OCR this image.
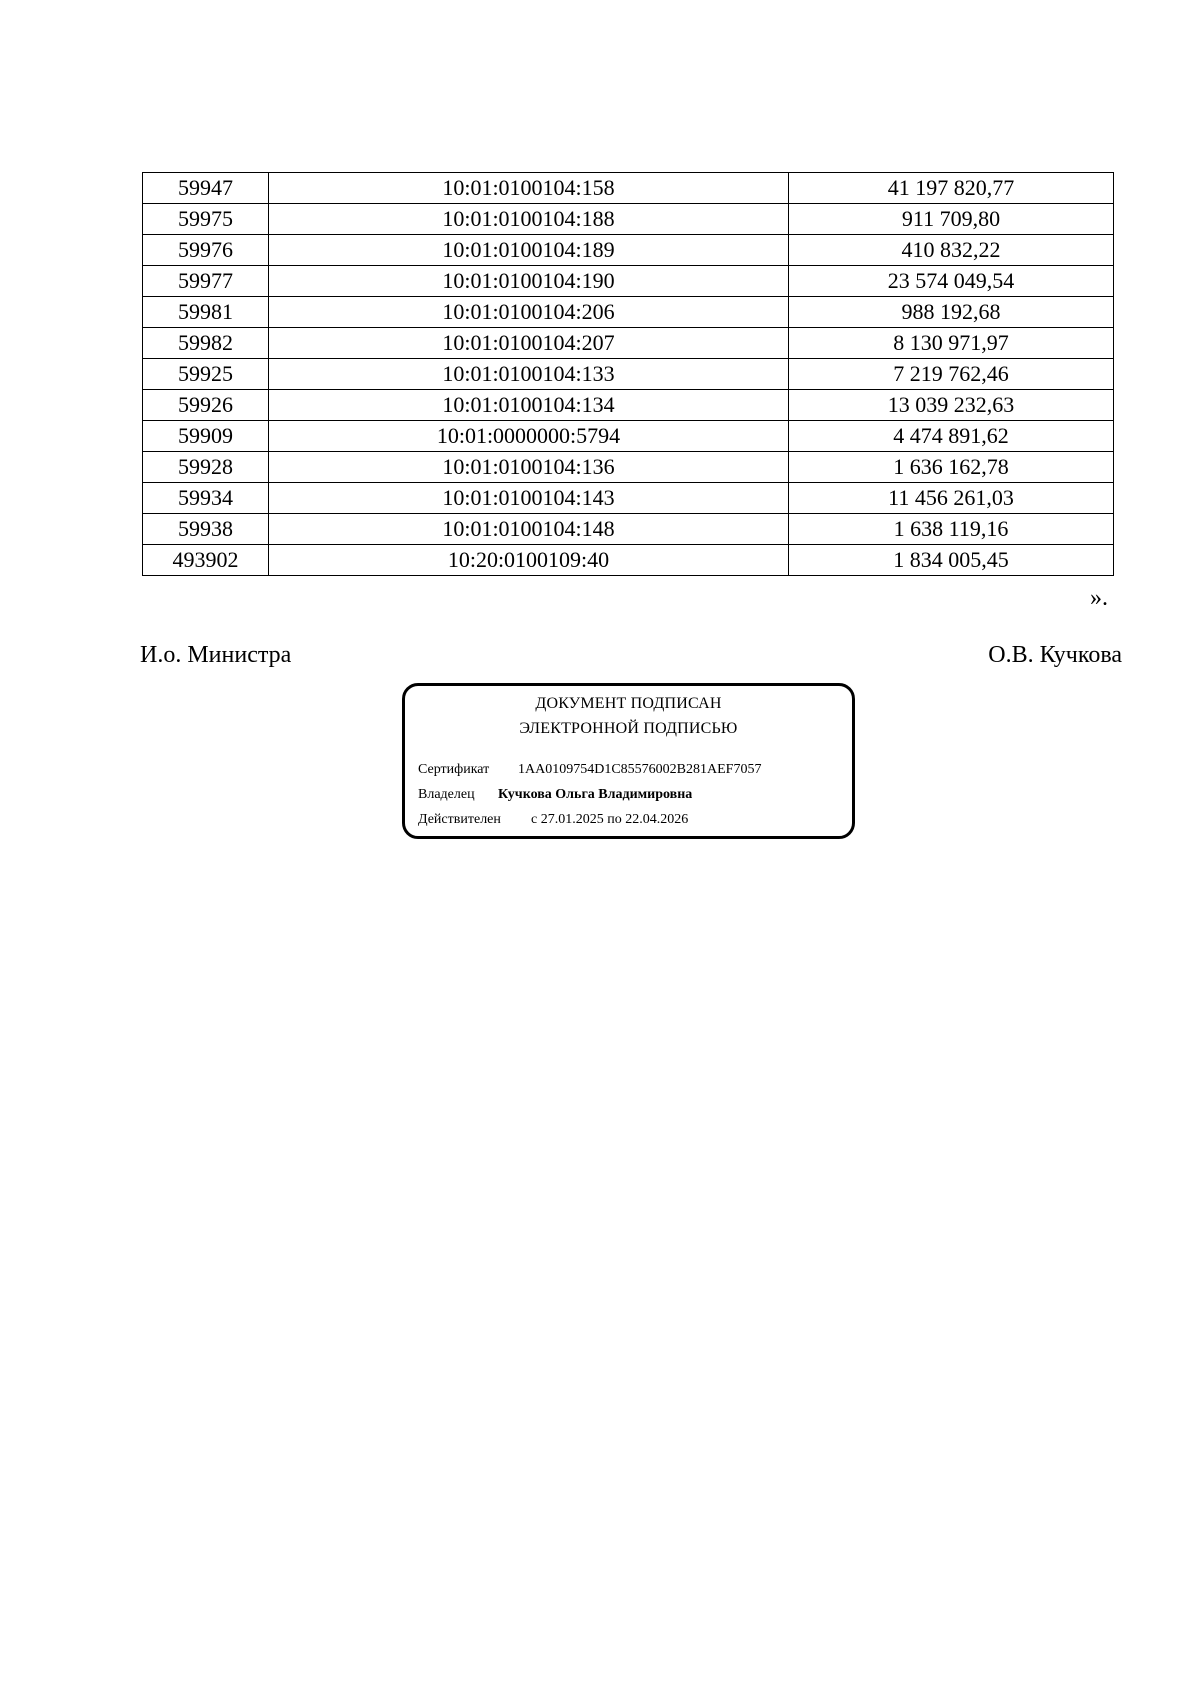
59947	10:01:0100104:158	41 197 820,77
59975	10:01:0100104:188	911 709,80
59976	10:01:0100104:189	410 832,22
59977	10:01:0100104:190	23 574 049,54
59981	10:01:0100104:206	988 192,68
59982	10:01:0100104:207	8 130 971,97
59925	10:01:0100104:133	7 219 762,46
59926	10:01:0100104:134	13 039 232,63
59909	10:01:0000000:5794	4 474 891,62
59928	10:01:0100104:136	1 636 162,78
59934	10:01:0100104:143	11 456 261,03
59938	10:01:0100104:148	1 638 119,16
493902	10:20:0100109:40	1 834 005,45
».
И.о. Министра	О.В. Кучкова
ДОКУМЕНТ ПОДПИСАН
ЭЛЕКТРОННОЙ ПОДПИСЬЮ
Сертификат 1AA0109754D1C85576002B281AEF7057
Владелец Кучкова Ольга Владимировна
Действителен с 27.01.2025 по 22.04.2026
